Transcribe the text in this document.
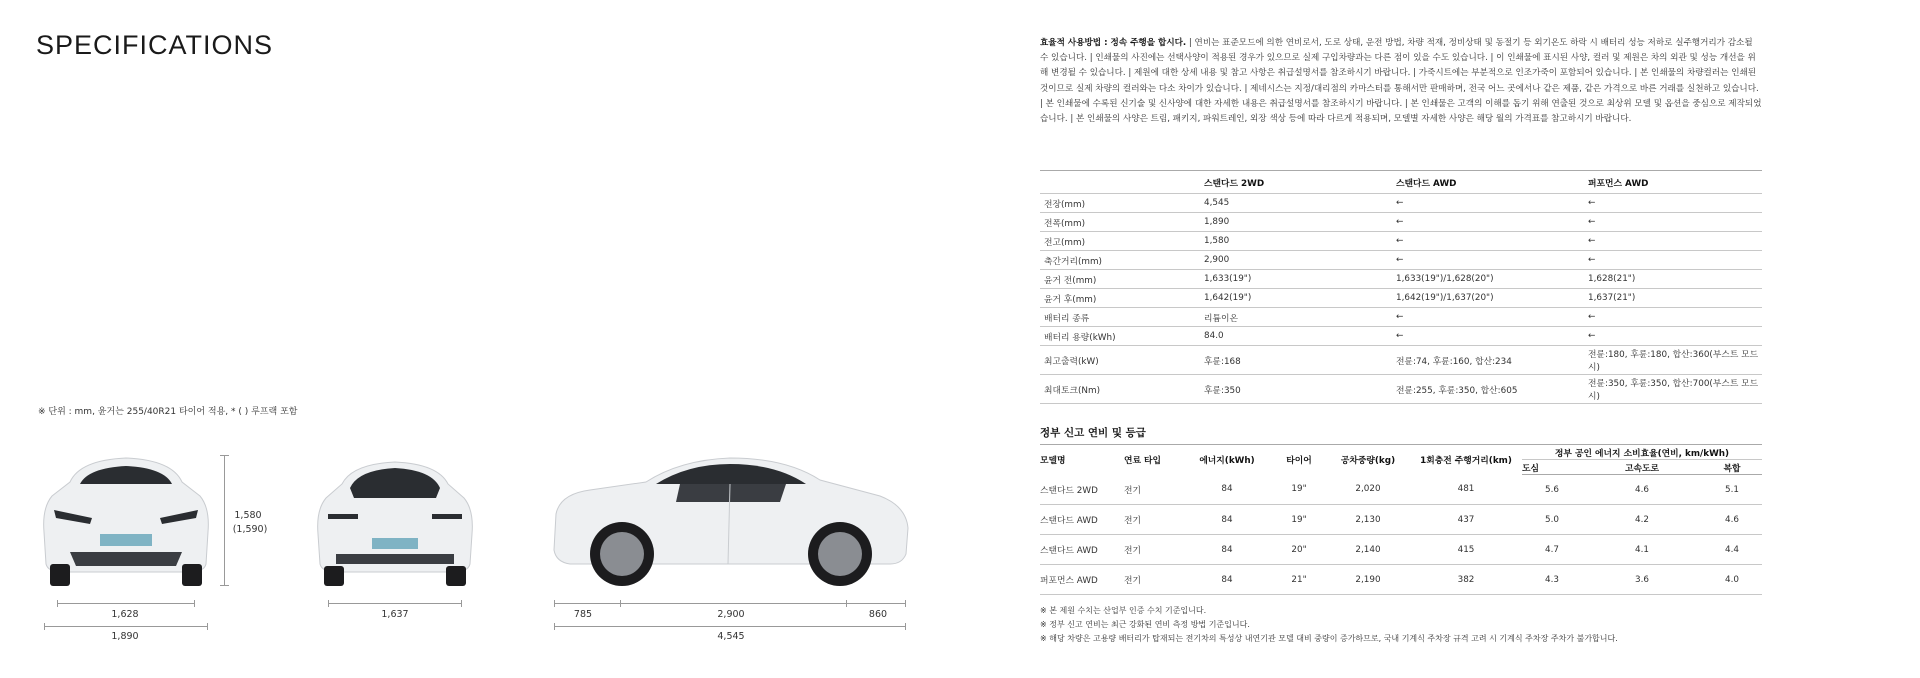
SPECIFICATIONS
※ 단위 : mm, 윤거는 255/40R21 타이어 적용, * ( ) 루프랙 포함
1,580
(1,590)
1,628
1,890
1,637	785	2,900	860
4,545
효율적 사용방법 : 정속 주행을 합시다. | 연비는 표준모드에 의한 연비로서, 도로 상태, 운전 방법, 차량 적재, 정비상태 및 동절기 등 외기온도 하락 시 배터리 성능 저하로 실주행거리가 감소될 수 있습니다. | 인쇄물의 사진에는 선택사양이 적용된 경우가 있으므로 실제 구입차량과는 다른 점이 있을 수도 있습니다. | 이 인쇄물에 표시된 사양, 컬러 및 제원은 차의 외관 및 성능 개선을 위해 변경될 수 있습니다. | 제원에 대한 상세 내용 및 참고 사항은 취급설명서를 참조하시기 바랍니다. | 가죽시트에는 부분적으로 인조가죽이 포함되어 있습니다. | 본 인쇄물의 차량컬러는 인쇄된 것이므로 실제 차량의 컬러와는 다소 차이가 있습니다. | 제네시스는 지정/대리점의 카마스터를 통해서만 판매하며, 전국 어느 곳에서나 같은 제품, 같은 가격으로 바른 거래를 실천하고 있습니다. | 본 인쇄물에 수록된 신기술 및 신사양에 대한 자세한 내용은 취급설명서를 참조하시기 바랍니다. | 본 인쇄물은 고객의 이해를 돕기 위해 연출된 것으로 최상위 모델 및 옵션을 중심으로 제작되었습니다. | 본 인쇄물의 사양은 트림, 패키지, 파워트레인, 외장 색상 등에 따라 다르게 적용되며, 모델별 자세한 사양은 해당 월의 가격표를 참고하시기 바랍니다.
	스탠다드 2WD	스탠다드 AWD	퍼포먼스 AWD
전장(mm)	4,545	←	←
전폭(mm)	1,890	←	←
전고(mm)	1,580	←	←
축간거리(mm)	2,900	←	←
윤거 전(mm)	1,633(19")	1,633(19")/1,628(20")	1,628(21")
윤거 후(mm)	1,642(19")	1,642(19")/1,637(20")	1,637(21")
배터리 종류	리튬이온	←	←
배터리 용량(kWh)	84.0	←	←
최고출력(kW)	후륜:168	전륜:74, 후륜:160, 합산:234	전륜:180, 후륜:180, 합산:360(부스트 모드 시)
최대토크(Nm)	후륜:350	전륜:255, 후륜:350, 합산:605	전륜:350, 후륜:350, 합산:700(부스트 모드 시)
정부 신고 연비 및 등급
모델명	연료 타입	에너지(kWh)	타이어	공차중량(kg)	1회충전 주행거리(km)	정부 공인 에너지 소비효율(연비, km/kWh)		
						도심	고속도로	복합
스탠다드 2WD	전기	84	19"	2,020	481	5.6	4.6	5.1
스탠다드 AWD	전기	84	19"	2,130	437	5.0	4.2	4.6
스탠다드 AWD	전기	84	20"	2,140	415	4.7	4.1	4.4
퍼포먼스 AWD	전기	84	21"	2,190	382	4.3	3.6	4.0
※ 본 제원 수치는 산업부 인증 수치 기준입니다.
※ 정부 신고 연비는 최근 강화된 연비 측정 방법 기준입니다.
※ 해당 차량은 고용량 배터리가 탑재되는 전기차의 특성상 내연기관 모델 대비 중량이 증가하므로, 국내 기계식 주차장 규격 고려 시 기계식 주차장 주차가 불가합니다.
